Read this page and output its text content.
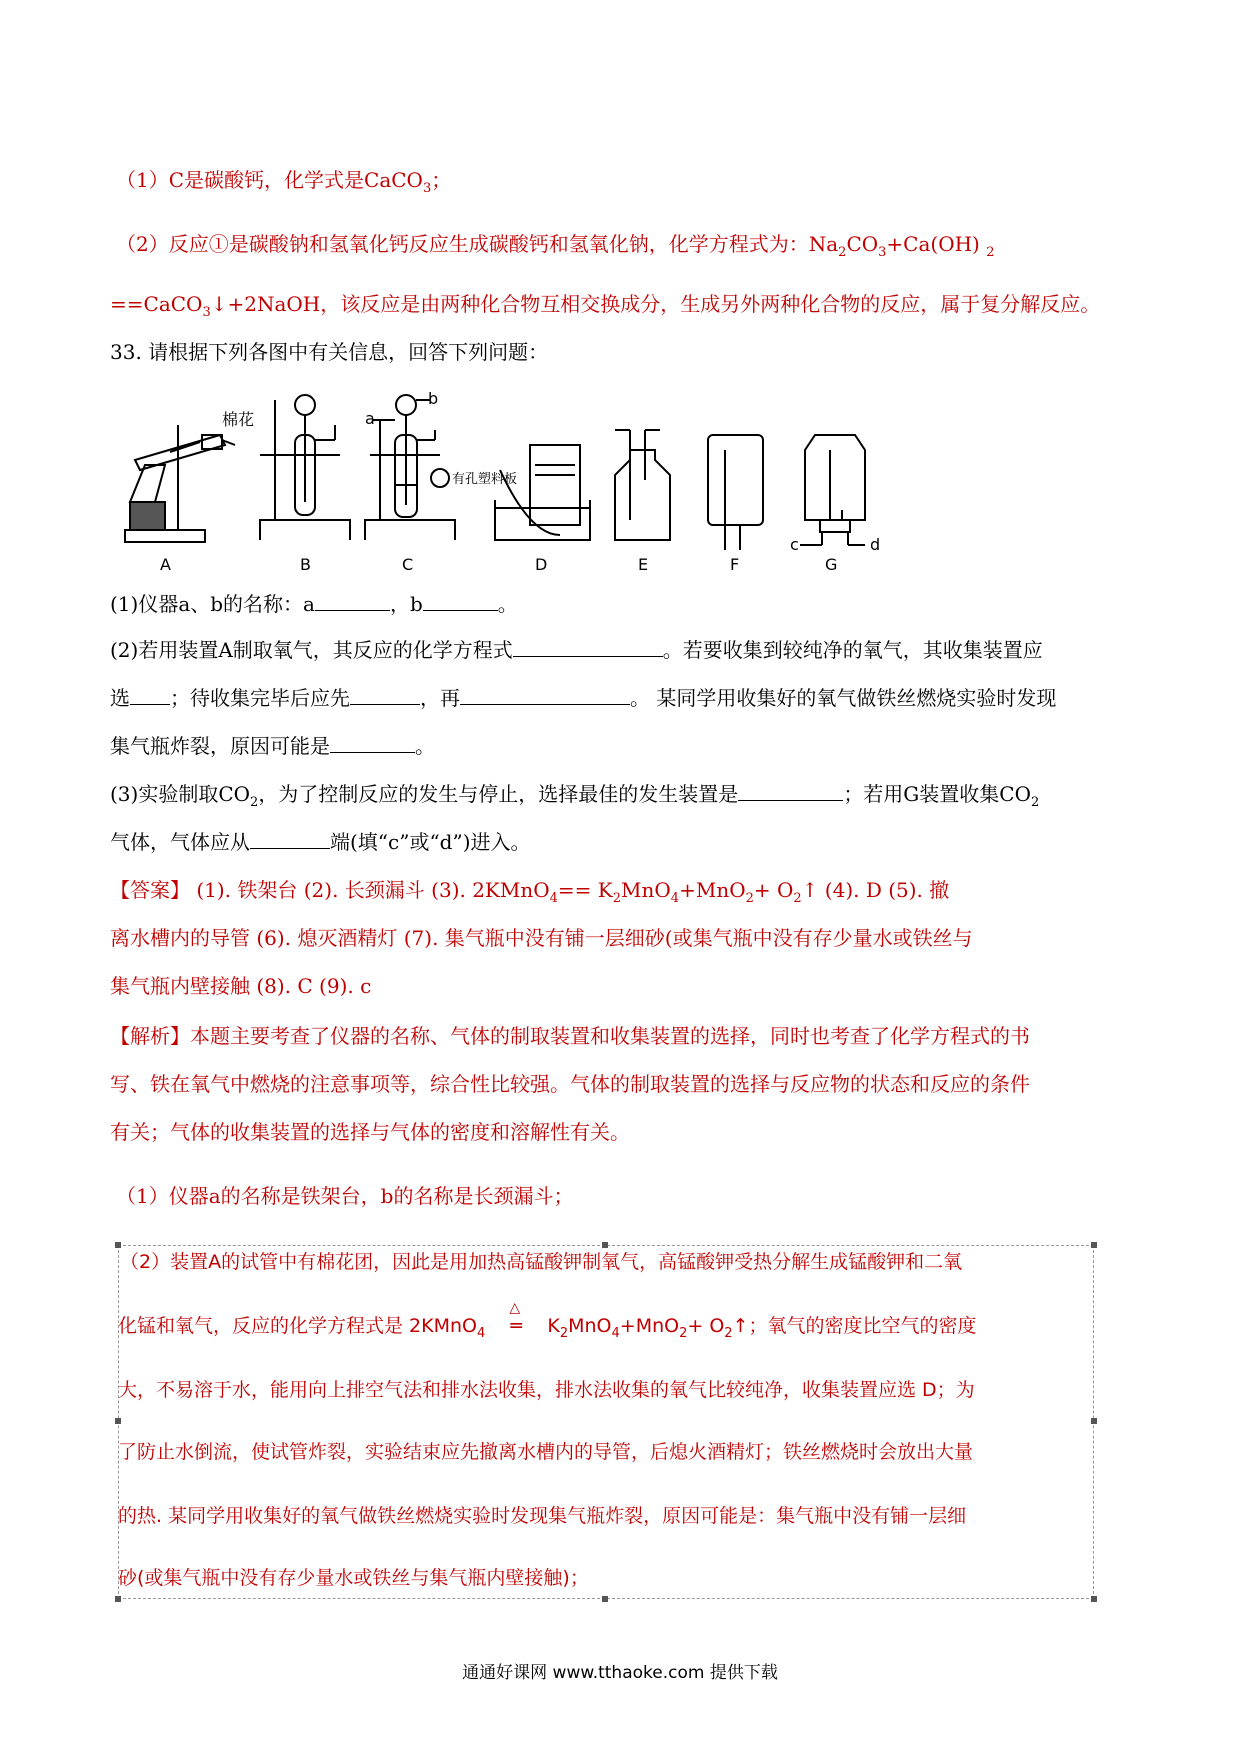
（1）C是碳酸钙，化学式是CaCO$_3$；
（2）反应①是碳酸钠和氢氧化钙反应生成碳酸钙和氢氧化钠，化学方程式为：$Na_2CO_3+Ca(OH)$ $_2$
==CaCO$_3$↓+2NaOH，该反应是由两种化合物互相交换成分，生成另外两种化合物的反应，属于复分解反应。
33. 请根据下列各图中有关信息，回答下列问题：
棉花	a
b
有孔塑料板
c	d
A	B	C	D	E	F	G
(1)仪器a、b的名称：a	，b	。
(2)若用装置A制取氧气，其反应的化学方程式	。若要收集到较纯净的氧气，其收集装置应
选 ；待收集完毕后应先	，再	。 某同学用收集好的氧气做铁丝燃烧实验时发现
集气瓶炸裂，原因可能是	。
(3)实验制取$CO_2$，为了控制反应的发生与停止，选择最佳的发生装置是	；若用G装置收集$CO_2$
气体，气体应从	端(填“c”或“d”)进入。
【答案】 (1). 铁架台 (2). 长颈漏斗 (3). 2KMnO$_4$== $K_2MnO_4+MnO_2+$ $O_2↑$ (4). D (5). 撤
离水槽内的导管 (6). 熄灭酒精灯 (7). 集气瓶中没有铺一层细砂(或集气瓶中没有存少量水或铁丝与
集气瓶内壁接触 (8). C (9). c
【解析】本题主要考查了仪器的名称、气体的制取装置和收集装置的选择，同时也考查了化学方程式的书
写、铁在氧气中燃烧的注意事项等，综合性比较强。气体的制取装置的选择与反应物的状态和反应的条件
有关；气体的收集装置的选择与气体的密度和溶解性有关。
（1）仪器a的名称是铁架台，b的名称是长颈漏斗；
（2）装置A的试管中有棉花团，因此是用加热高锰酸钾制氧气，高锰酸钾受热分解生成锰酸钾和二氧
化锰和氧气，反应的化学方程式是 2KMnO$_4$
△
═ $K_2MnO_4+MnO_2+$ $O_2↑$；氧气的密度比空气的密度
大，不易溶于水，能用向上排空气法和排水法收集，排水法收集的氧气比较纯净，收集装置应选 D；为
了防止水倒流，使试管炸裂，实验结束应先撤离水槽内的导管，后熄火酒精灯；铁丝燃烧时会放出大量
的热. 某同学用收集好的氧气做铁丝燃烧实验时发现集气瓶炸裂，原因可能是：集气瓶中没有铺一层细
砂(或集气瓶中没有存少量水或铁丝与集气瓶内壁接触)；
通通好课网 www.tthaoke.com 提供下载
